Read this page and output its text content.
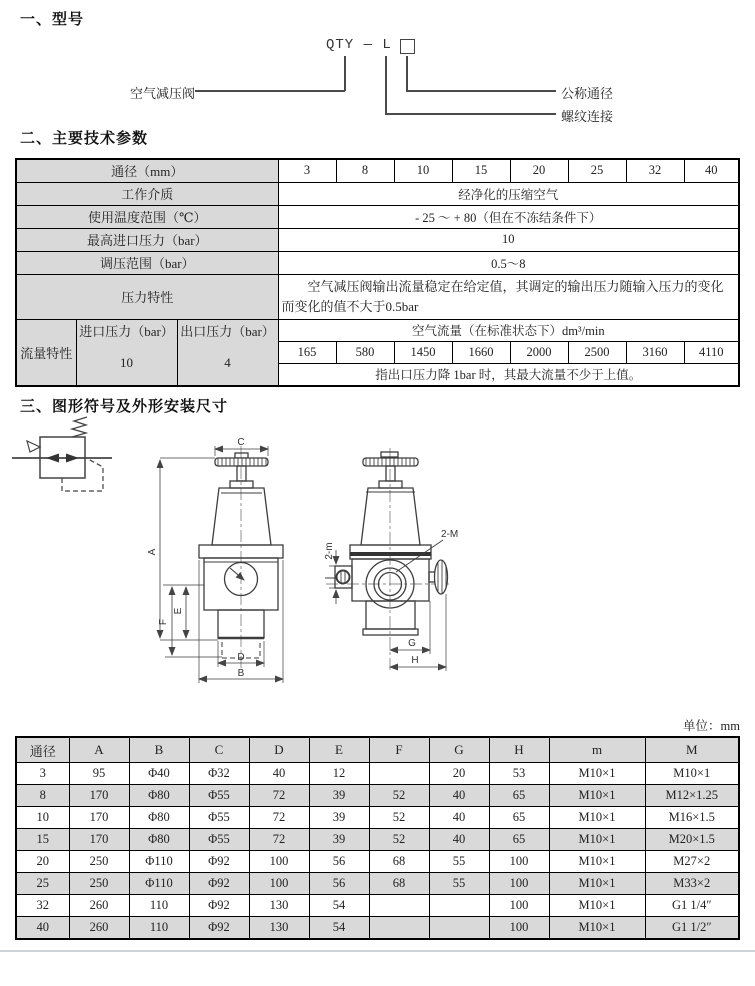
一、型号
QTY — L
空气减压阀	公称通径
螺纹连接
二、主要技术参数
通径（mm）			3	8	10	15	20	25	32	40
工作介质			经净化的压缩空气							
使用温度范围（℃）			- 25 ～ + 80（但在不冻结条件下）							
最高进口压力（bar）			10							
调压范围（bar）			0.5～8							
压力特性			空气减压阀输出流量稳定在给定值，其调定的输出压力随输入压力的变化而变化的值不大于0.5bar							
流量特性	进口压力（bar）	出口压力（bar）	空气流量（在标准状态下）dm³/min							
	10	4	165	580	1450	1660	2000	2500	3160	4110
			指出口压力降 1bar 时，其最大流量不少于上值。							
三、图形符号及外形安装尺寸
C
A
E
F
D
B
2-M
2-m
G
H
单位：mm
通径	A	B	C	D	E	F	G	H	m	M
3	95	Φ40	Φ32	40	12		20	53	M10×1	M10×1
8	170	Φ80	Φ55	72	39	52	40	65	M10×1	M12×1.25
10	170	Φ80	Φ55	72	39	52	40	65	M10×1	M16×1.5
15	170	Φ80	Φ55	72	39	52	40	65	M10×1	M20×1.5
20	250	Φ110	Φ92	100	56	68	55	100	M10×1	M27×2
25	250	Φ110	Φ92	100	56	68	55	100	M10×1	M33×2
32	260	110	Φ92	130	54			100	M10×1	G1 1/4″
40	260	110	Φ92	130	54			100	M10×1	G1 1/2″
